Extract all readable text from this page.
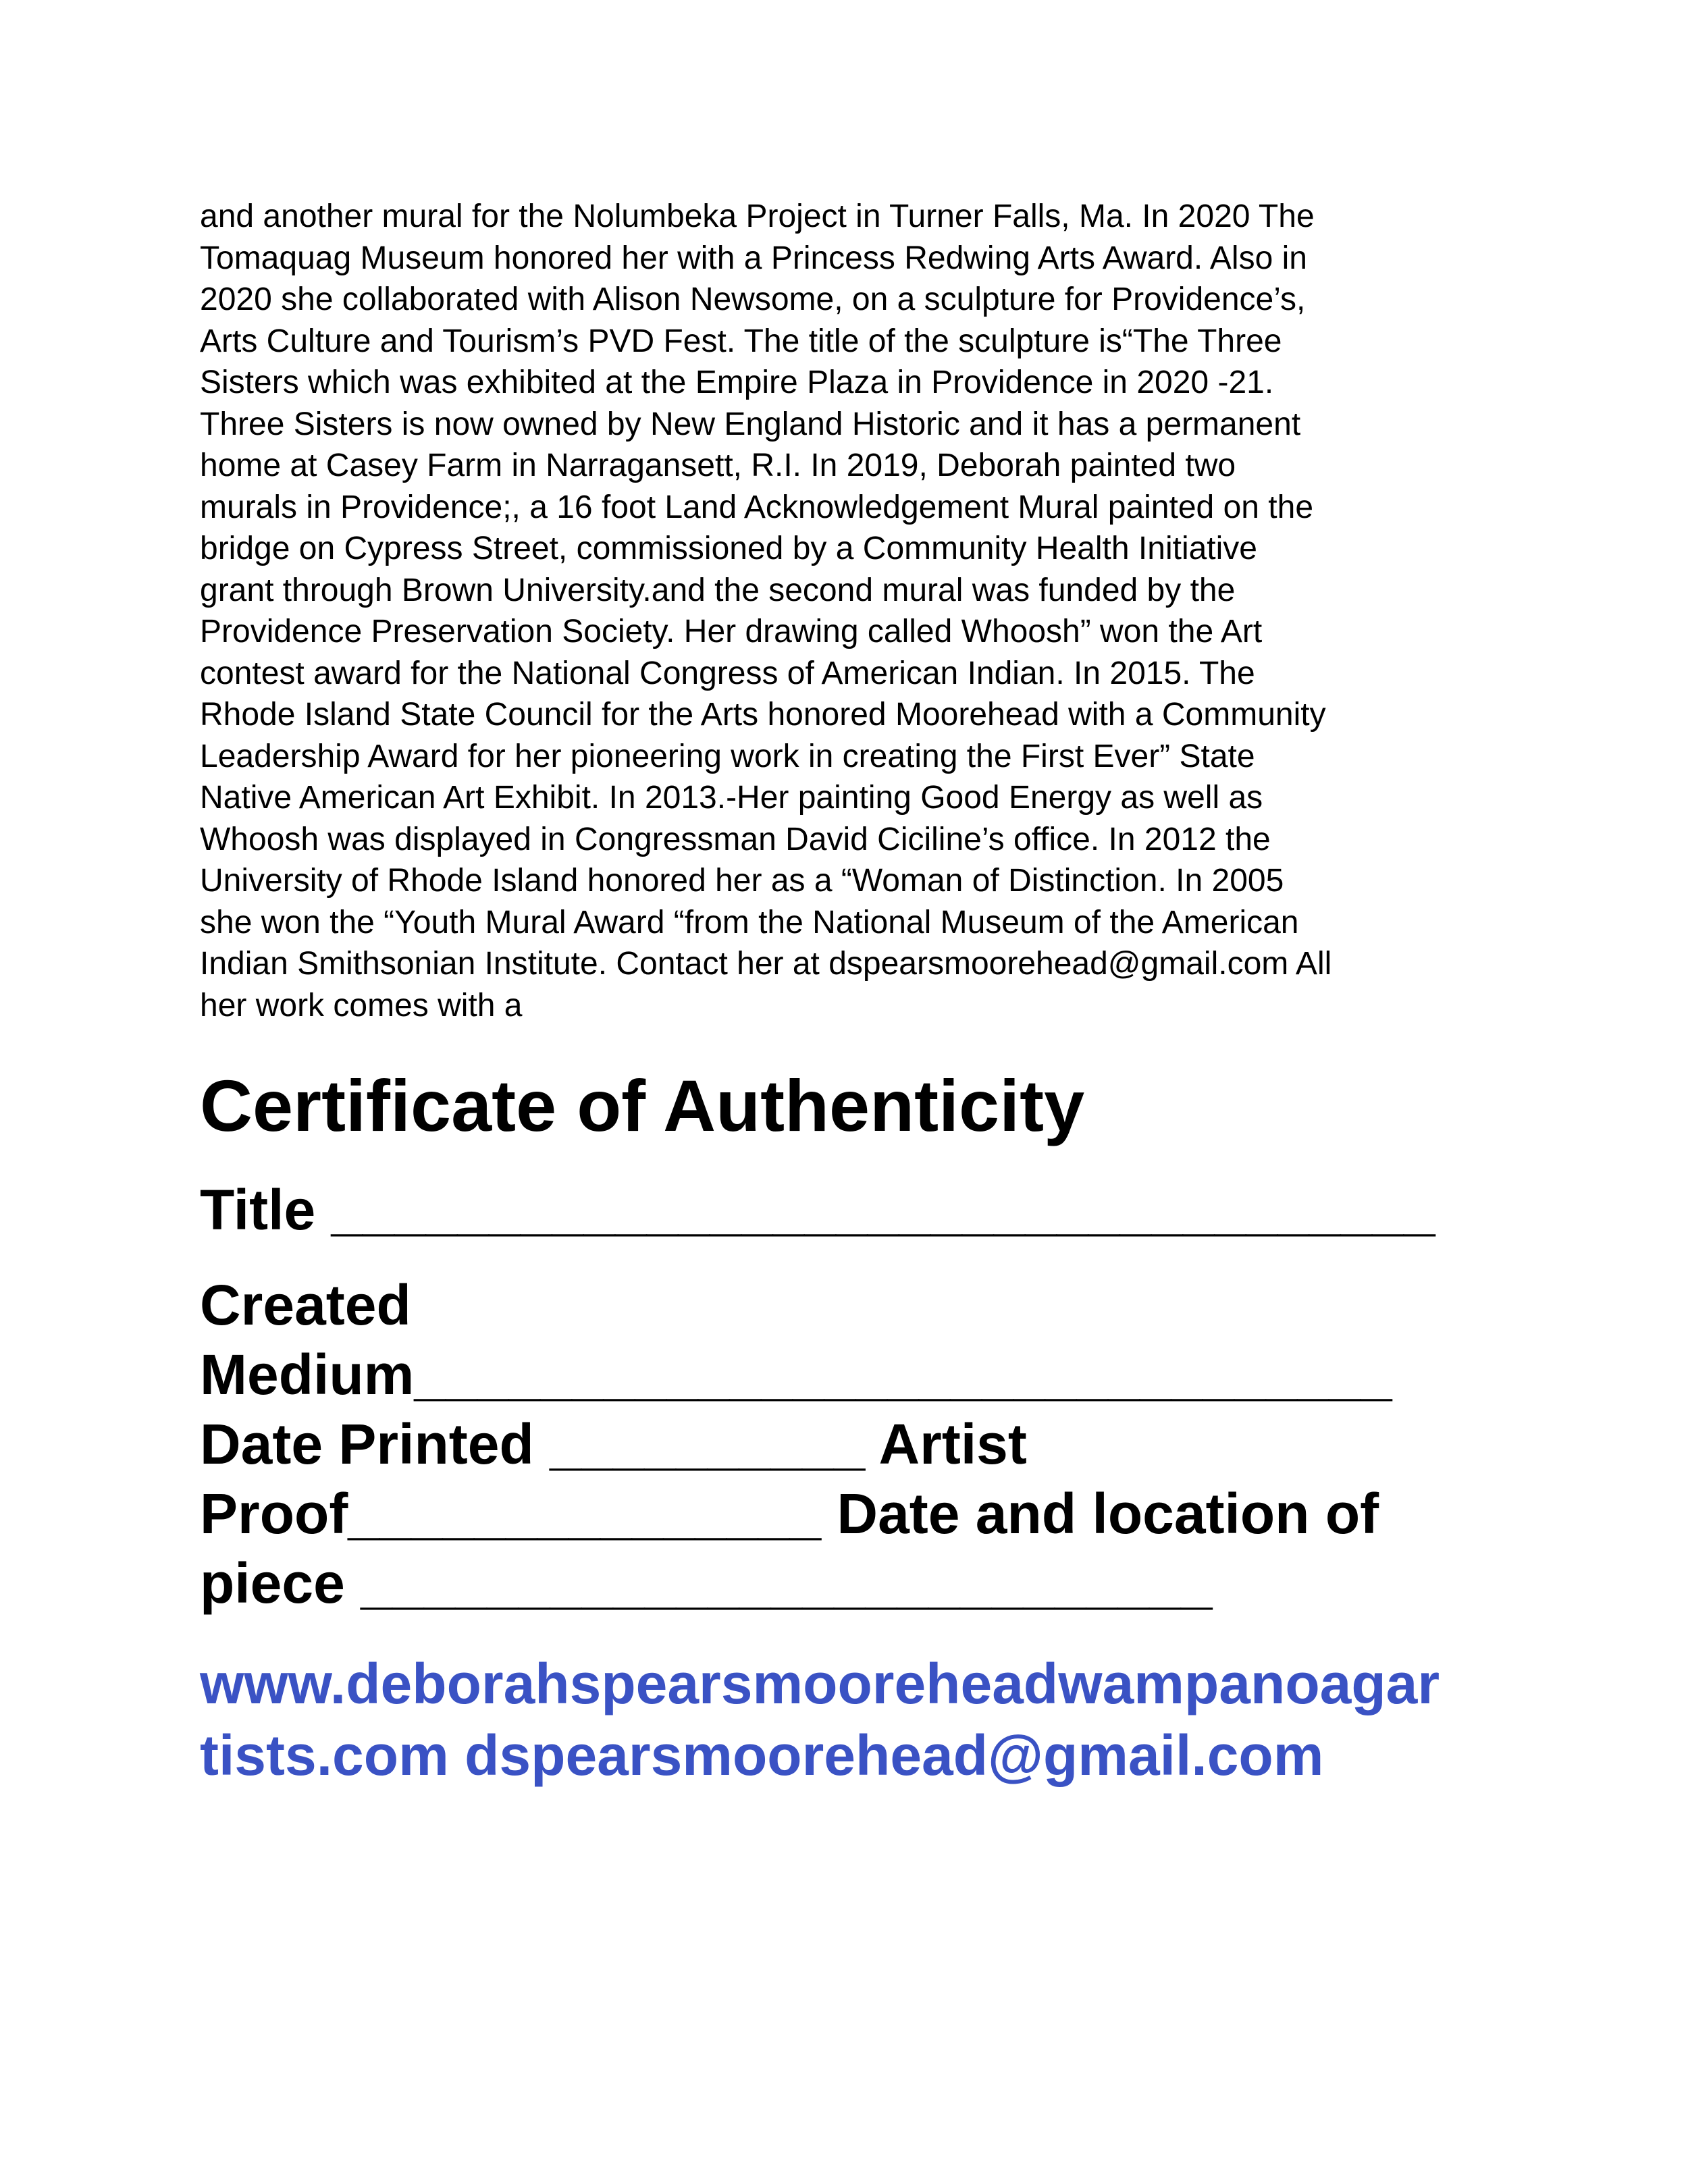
and another mural for the Nolumbeka Project in Turner Falls, Ma. In 2020 The
Tomaquag Museum honored her with a Princess Redwing Arts Award. Also in
2020 she collaborated with Alison Newsome, on a sculpture for Providence’s,
Arts Culture and Tourism’s PVD Fest. The title of the sculpture is“The Three
Sisters which was exhibited at the Empire Plaza in Providence in 2020 -21.
Three Sisters is now owned by New England Historic and it has a permanent
home at Casey Farm in Narragansett, R.I. In 2019, Deborah painted two
murals in Providence;, a 16 foot Land Acknowledgement Mural painted on the
bridge on Cypress Street, commissioned by a Community Health Initiative
grant through Brown University.and the second mural was funded by the
Providence Preservation Society. Her drawing called Whoosh” won the Art
contest award for the National Congress of American Indian. In 2015. The
Rhode Island State Council for the Arts honored Moorehead with a Community
Leadership Award for her pioneering work in creating the First Ever” State
Native American Art Exhibit. In 2013.-Her painting Good Energy as well as
Whoosh was displayed in Congressman David Ciciline’s office. In 2012 the
University of Rhode Island honored her as a “Woman of Distinction. In 2005
she won the “Youth Mural Award “from the National Museum of the American
Indian Smithsonian Institute. Contact her at dspearsmoorehead@gmail.com All
her work comes with a

Certificate of Authenticity
Title ___________________________________
Created
Medium_______________________________
Date Printed __________ Artist
Proof_______________ Date and location of
piece ___________________________
www.deborahspearsmooreheadwampanoagar
tists.com dspearsmoorehead@gmail.com
